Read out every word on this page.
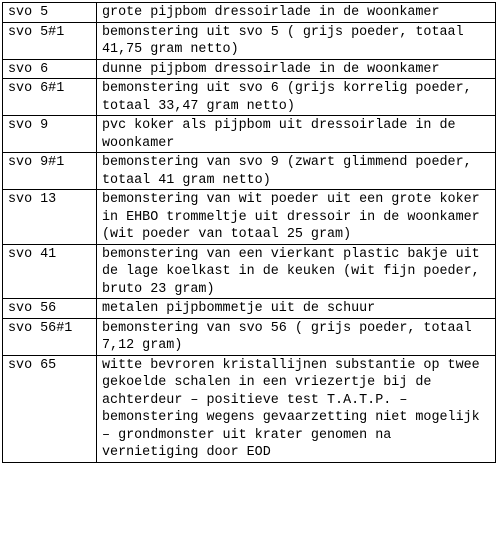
svo 5	grote pijpbom dressoirlade in de woonkamer
svo 5#1	bemonstering uit svo 5 ( grijs poeder, totaal 41,75 gram netto)
svo 6	dunne pijpbom dressoirlade in de woonkamer
svo 6#1	bemonstering uit svo 6 (grijs korrelig poeder, totaal 33,47 gram netto)
svo 9	pvc koker als pijpbom uit dressoirlade in de woonkamer
svo 9#1	bemonstering van svo 9 (zwart glimmend poeder, totaal 41 gram netto)
svo 13	bemonstering van wit poeder uit een grote koker in EHBO trommeltje uit dressoir in de woonkamer (wit poeder van totaal 25 gram)
svo 41	bemonstering van een vierkant plastic bakje uit de lage koelkast in de keuken (wit fijn poeder, bruto 23 gram)
svo 56	metalen pijpbommetje uit de schuur
svo 56#1	bemonstering van svo 56 ( grijs poeder, totaal 7,12 gram)
svo 65	witte bevroren kristallijnen substantie op twee gekoelde schalen in een vriezertje bij de achterdeur – positieve test T.A.T.P. – bemonstering wegens gevaarzetting niet mogelijk – grondmonster uit krater genomen na vernietiging door EOD
